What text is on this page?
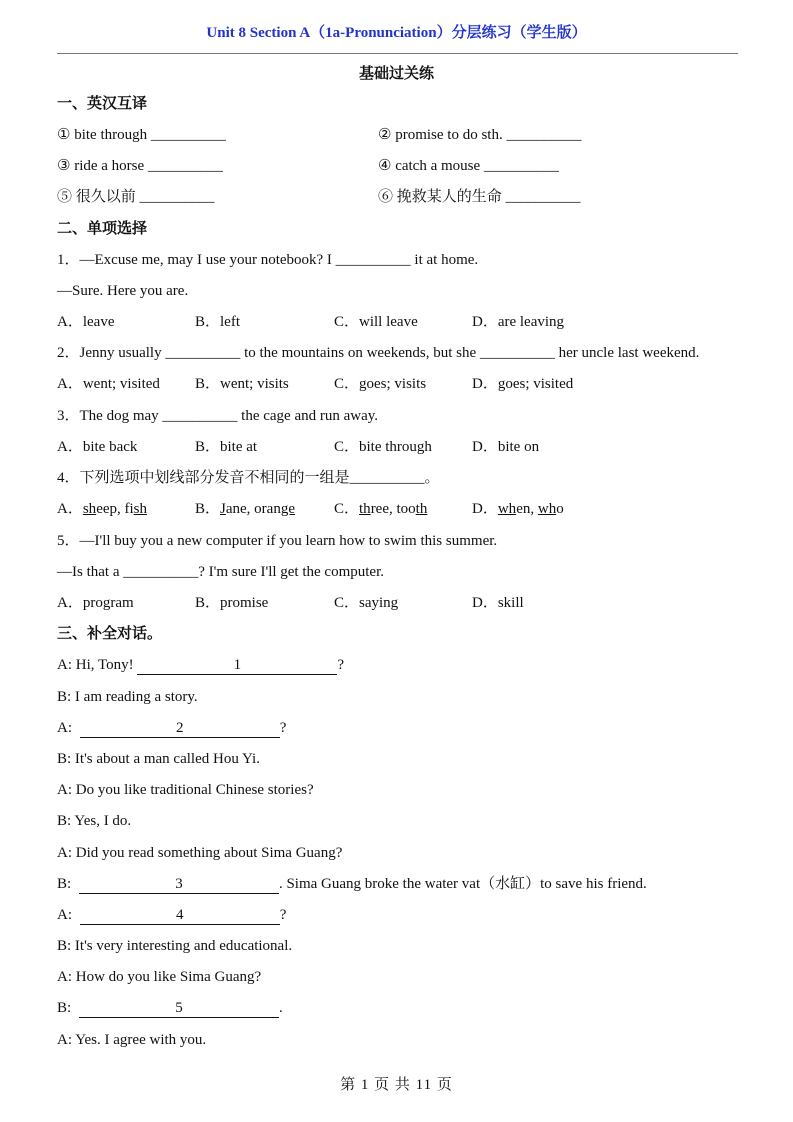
Unit 8 Section A（1a-Pronunciation）分层练习（学生版）
基础过关练
一、英汉互译
① bite through __________	② promise to do sth. __________
③ ride a horse __________	④ catch a mouse __________
⑤ 很久以前 __________	⑥ 挽救某人的生命 __________
二、单项选择
1．—Excuse me, may I use your notebook? I __________ it at home.
—Sure. Here you are.
A．leave	B．left	C．will leave	D．are leaving
2．Jenny usually __________ to the mountains on weekends, but she __________ her uncle last weekend.
A．went; visited B．went; visits	C．goes; visits	D．goes; visited
3．The dog may __________ the cage and run away.
A．bite back	B．bite at	C．bite through	D．bite on
4．下列选项中划线部分发音不相同的一组是__________。
A．sheep, fish	B．Jane, orange	C．three, tooth	D．when, who
5．—I'll buy you a new computer if you learn how to swim this summer.
—Is that a __________? I'm sure I'll get the computer.
A．program	B．promise	C．saying	D．skill
三、补全对话。
A: Hi, Tony!	1	?
B: I am reading a story.
A:	2	?
B: It's about a man called Hou Yi.
A: Do you like traditional Chinese stories?
B: Yes, I do.
A: Did you read something about Sima Guang?
B:	3	. Sima Guang broke the water vat（水缸）to save his friend.
A:	4	?
B: It's very interesting and educational.
A: How do you like Sima Guang?
B:	5	.
A: Yes. I agree with you.
第 1 页 共 11 页
